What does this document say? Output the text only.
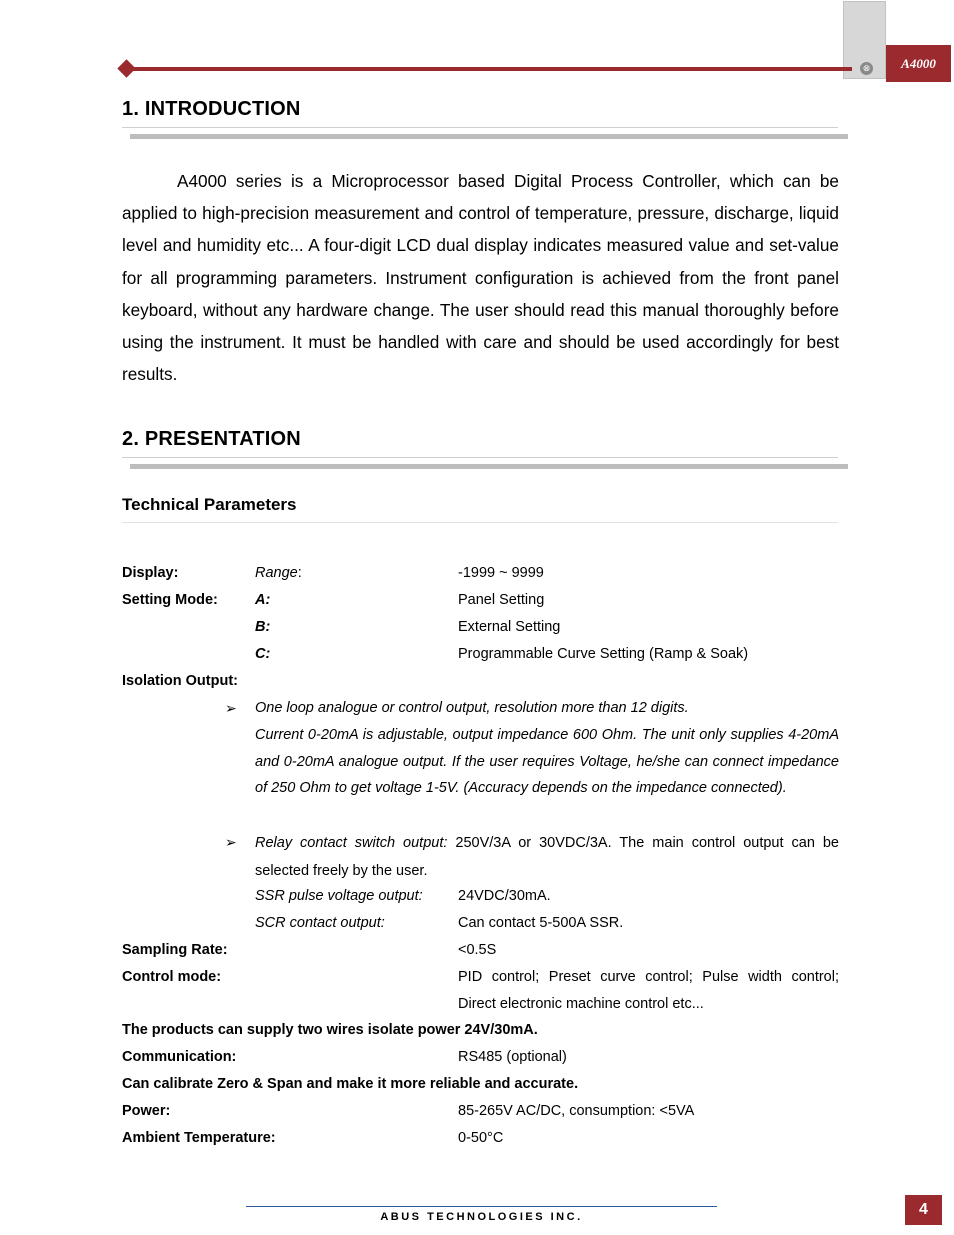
⊗	A4000
1. INTRODUCTION

A4000 series is a Microprocessor based Digital Process Controller, which can be applied to high-precision measurement and control of temperature, pressure, discharge, liquid level and humidity etc... A four-digit LCD dual display indicates measured value and set-value for all programming parameters. Instrument configuration is achieved from the front panel keyboard, without any hardware change. The user should read this manual thoroughly before using the instrument. It must be handled with care and should be used accordingly for best results.

2. PRESENTATION
Technical Parameters
Display:	Range:	-1999 ~ 9999
Setting Mode:	A:	Panel Setting
B:	External Setting
C:	Programmable Curve Setting (Ramp & Soak)
Isolation Output:
➢ One loop analogue or control output, resolution more than 12 digits.

Current 0-20mA is adjustable, output impedance 600 Ohm. The unit only supplies 4-20mA and 0-20mA analogue output. If the user requires Voltage, he/she can connect impedance of 250 Ohm to get voltage 1-5V. (Accuracy depends on the impedance connected).

➢ Relay contact switch output: 250V/3A or 30VDC/3A. The main control output can be selected freely by the user.

SSR pulse voltage output: 24VDC/30mA.
SCR contact output:	Can contact 5-500A SSR.
Sampling Rate:	<0.5S
Control mode:	PID control; Preset curve control; Pulse width control; Direct electronic machine control etc...

The products can supply two wires isolate power 24V/30mA.
Communication:	RS485 (optional)
Can calibrate Zero & Span and make it more reliable and accurate.
Power:	85-265V AC/DC, consumption: <5VA
Ambient Temperature:	0-50°C
ABUS TECHNOLOGIES INC.	4
